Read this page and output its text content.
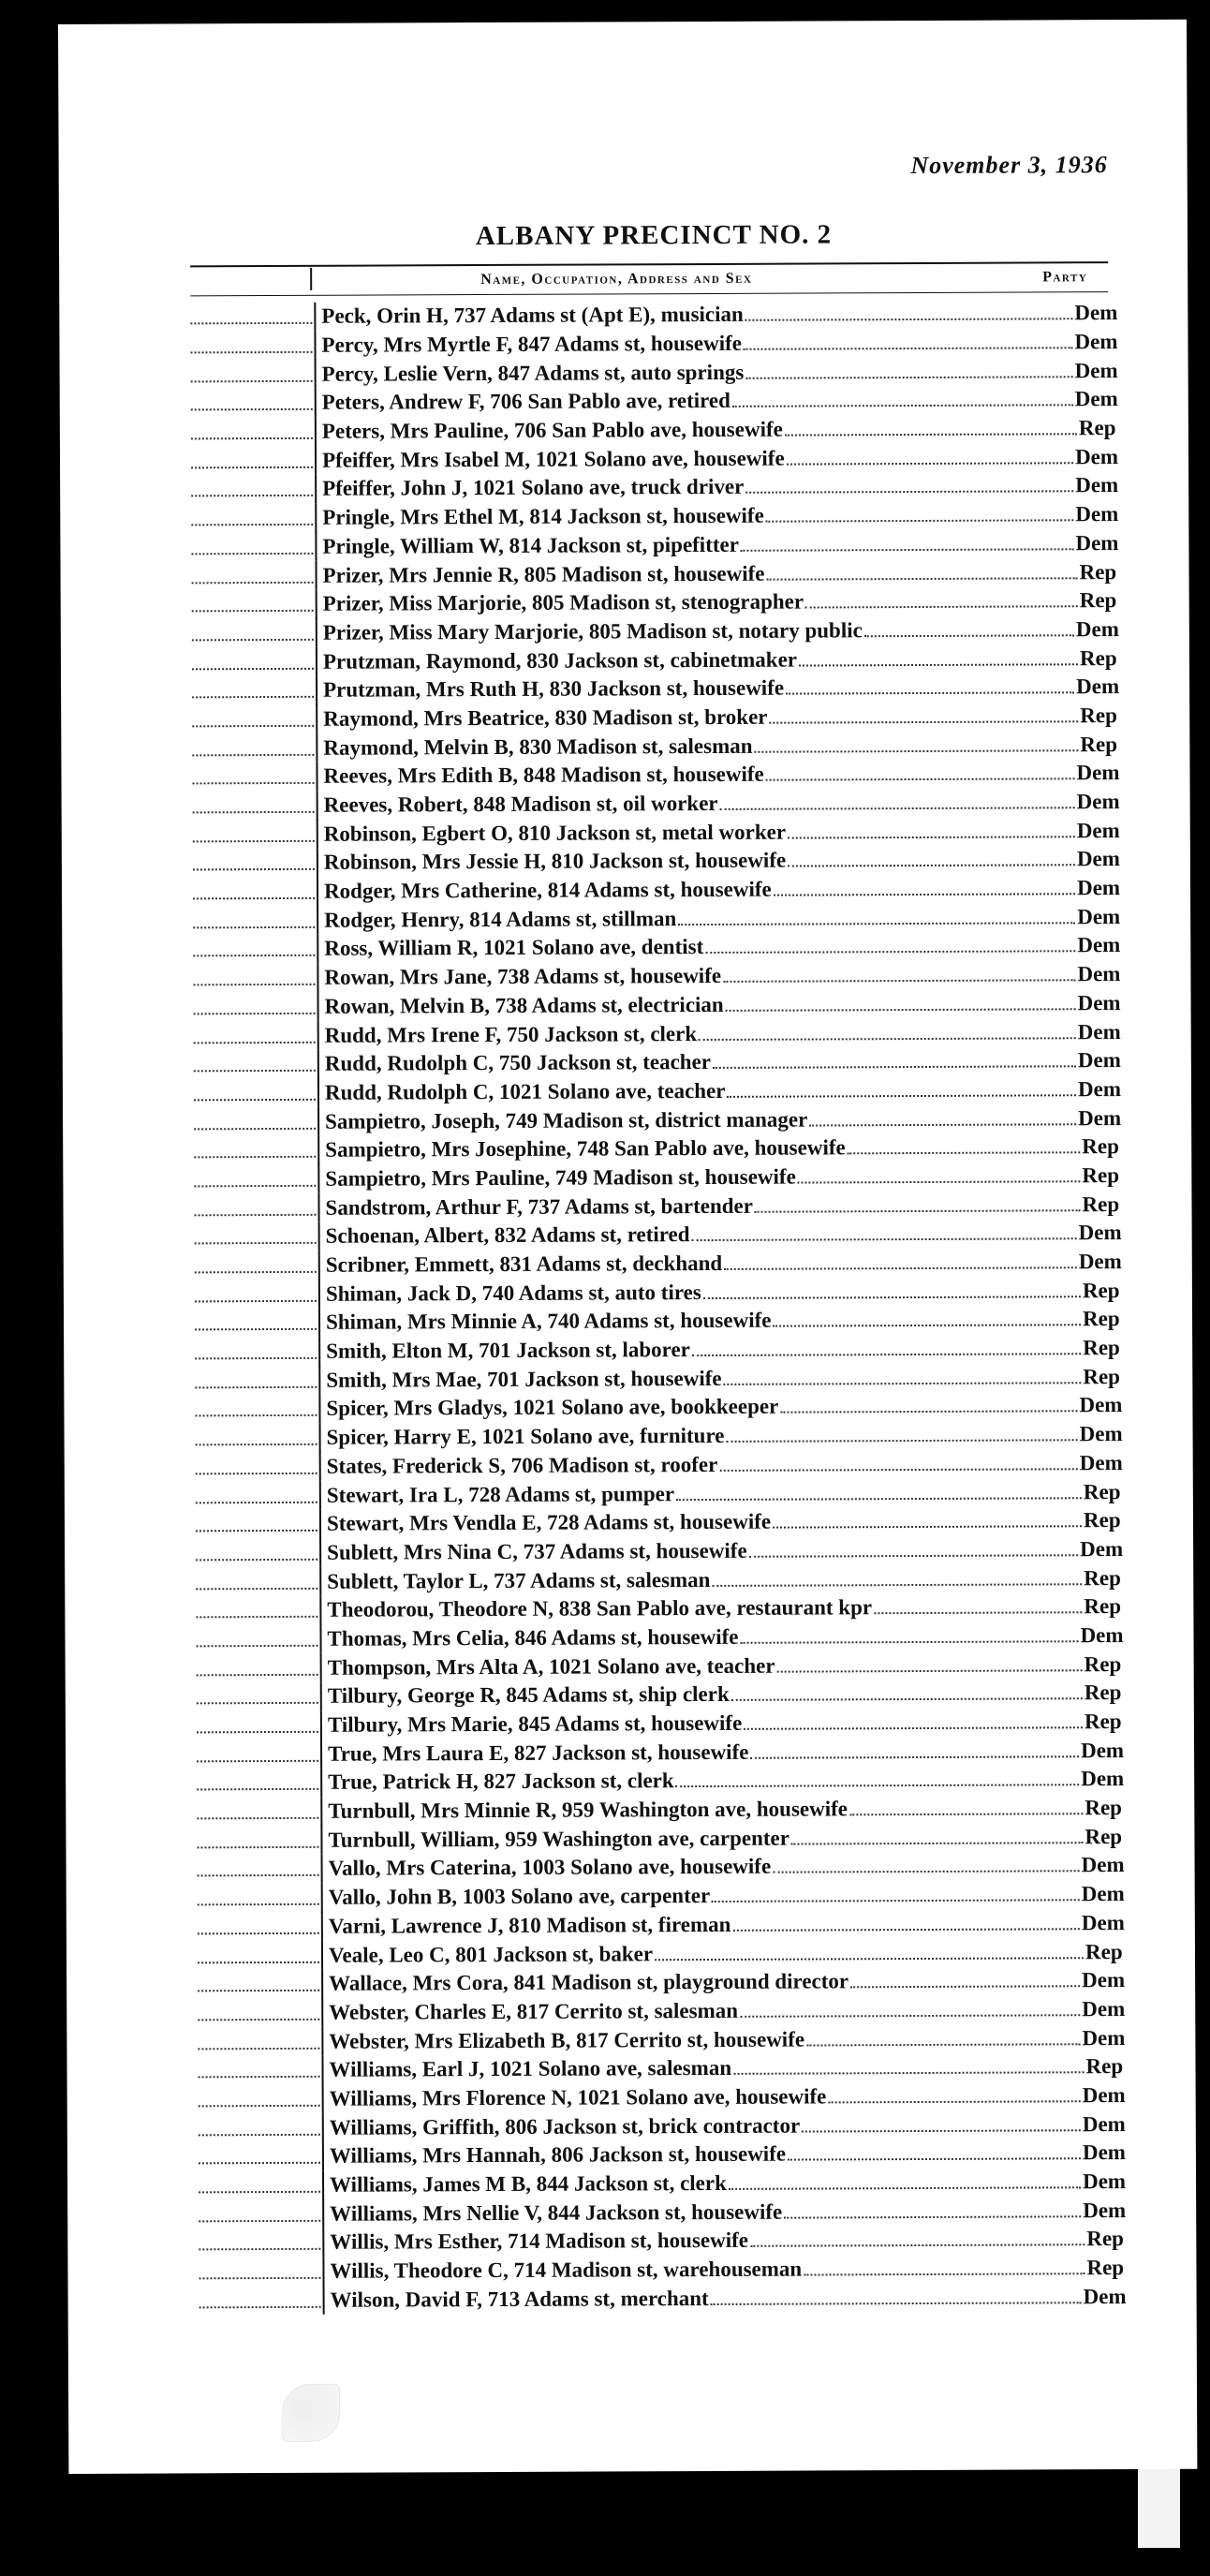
November 3, 1936
ALBANY PRECINCT NO. 2
Name, Occupation, Address and Sex	Party
Peck, Orin H, 737 Adams st (Apt E), musician	Dem
Percy, Mrs Myrtle F, 847 Adams st, housewife	Dem
Percy, Leslie Vern, 847 Adams st, auto springs	Dem
Peters, Andrew F, 706 San Pablo ave, retired	Dem
Peters, Mrs Pauline, 706 San Pablo ave, housewife	Rep
Pfeiffer, Mrs Isabel M, 1021 Solano ave, housewife	Dem
Pfeiffer, John J, 1021 Solano ave, truck driver	Dem
Pringle, Mrs Ethel M, 814 Jackson st, housewife	Dem
Pringle, William W, 814 Jackson st, pipefitter	Dem
Prizer, Mrs Jennie R, 805 Madison st, housewife	Rep
Prizer, Miss Marjorie, 805 Madison st, stenographer	Rep
Prizer, Miss Mary Marjorie, 805 Madison st, notary public	Dem
Prutzman, Raymond, 830 Jackson st, cabinetmaker	Rep
Prutzman, Mrs Ruth H, 830 Jackson st, housewife	Dem
Raymond, Mrs Beatrice, 830 Madison st, broker	Rep
Raymond, Melvin B, 830 Madison st, salesman	Rep
Reeves, Mrs Edith B, 848 Madison st, housewife	Dem
Reeves, Robert, 848 Madison st, oil worker	Dem
Robinson, Egbert O, 810 Jackson st, metal worker	Dem
Robinson, Mrs Jessie H, 810 Jackson st, housewife	Dem
Rodger, Mrs Catherine, 814 Adams st, housewife	Dem
Rodger, Henry, 814 Adams st, stillman	Dem
Ross, William R, 1021 Solano ave, dentist	Dem
Rowan, Mrs Jane, 738 Adams st, housewife	Dem
Rowan, Melvin B, 738 Adams st, electrician	Dem
Rudd, Mrs Irene F, 750 Jackson st, clerk	Dem
Rudd, Rudolph C, 750 Jackson st, teacher	Dem
Rudd, Rudolph C, 1021 Solano ave, teacher	Dem
Sampietro, Joseph, 749 Madison st, district manager	Dem
Sampietro, Mrs Josephine, 748 San Pablo ave, housewife	Rep
Sampietro, Mrs Pauline, 749 Madison st, housewife	Rep
Sandstrom, Arthur F, 737 Adams st, bartender	Rep
Schoenan, Albert, 832 Adams st, retired	Dem
Scribner, Emmett, 831 Adams st, deckhand	Dem
Shiman, Jack D, 740 Adams st, auto tires	Rep
Shiman, Mrs Minnie A, 740 Adams st, housewife	Rep
Smith, Elton M, 701 Jackson st, laborer	Rep
Smith, Mrs Mae, 701 Jackson st, housewife	Rep
Spicer, Mrs Gladys, 1021 Solano ave, bookkeeper	Dem
Spicer, Harry E, 1021 Solano ave, furniture	Dem
States, Frederick S, 706 Madison st, roofer	Dem
Stewart, Ira L, 728 Adams st, pumper	Rep
Stewart, Mrs Vendla E, 728 Adams st, housewife	Rep
Sublett, Mrs Nina C, 737 Adams st, housewife	Dem
Sublett, Taylor L, 737 Adams st, salesman	Rep
Theodorou, Theodore N, 838 San Pablo ave, restaurant kpr	Rep
Thomas, Mrs Celia, 846 Adams st, housewife	Dem
Thompson, Mrs Alta A, 1021 Solano ave, teacher	Rep
Tilbury, George R, 845 Adams st, ship clerk	Rep
Tilbury, Mrs Marie, 845 Adams st, housewife	Rep
True, Mrs Laura E, 827 Jackson st, housewife	Dem
True, Patrick H, 827 Jackson st, clerk	Dem
Turnbull, Mrs Minnie R, 959 Washington ave, housewife	Rep
Turnbull, William, 959 Washington ave, carpenter	Rep
Vallo, Mrs Caterina, 1003 Solano ave, housewife	Dem
Vallo, John B, 1003 Solano ave, carpenter	Dem
Varni, Lawrence J, 810 Madison st, fireman	Dem
Veale, Leo C, 801 Jackson st, baker	Rep
Wallace, Mrs Cora, 841 Madison st, playground director	Dem
Webster, Charles E, 817 Cerrito st, salesman	Dem
Webster, Mrs Elizabeth B, 817 Cerrito st, housewife	Dem
Williams, Earl J, 1021 Solano ave, salesman	Rep
Williams, Mrs Florence N, 1021 Solano ave, housewife	Dem
Williams, Griffith, 806 Jackson st, brick contractor	Dem
Williams, Mrs Hannah, 806 Jackson st, housewife	Dem
Williams, James M B, 844 Jackson st, clerk	Dem
Williams, Mrs Nellie V, 844 Jackson st, housewife	Dem
Willis, Mrs Esther, 714 Madison st, housewife	Rep
Willis, Theodore C, 714 Madison st, warehouseman	Rep
Wilson, David F, 713 Adams st, merchant	Dem
